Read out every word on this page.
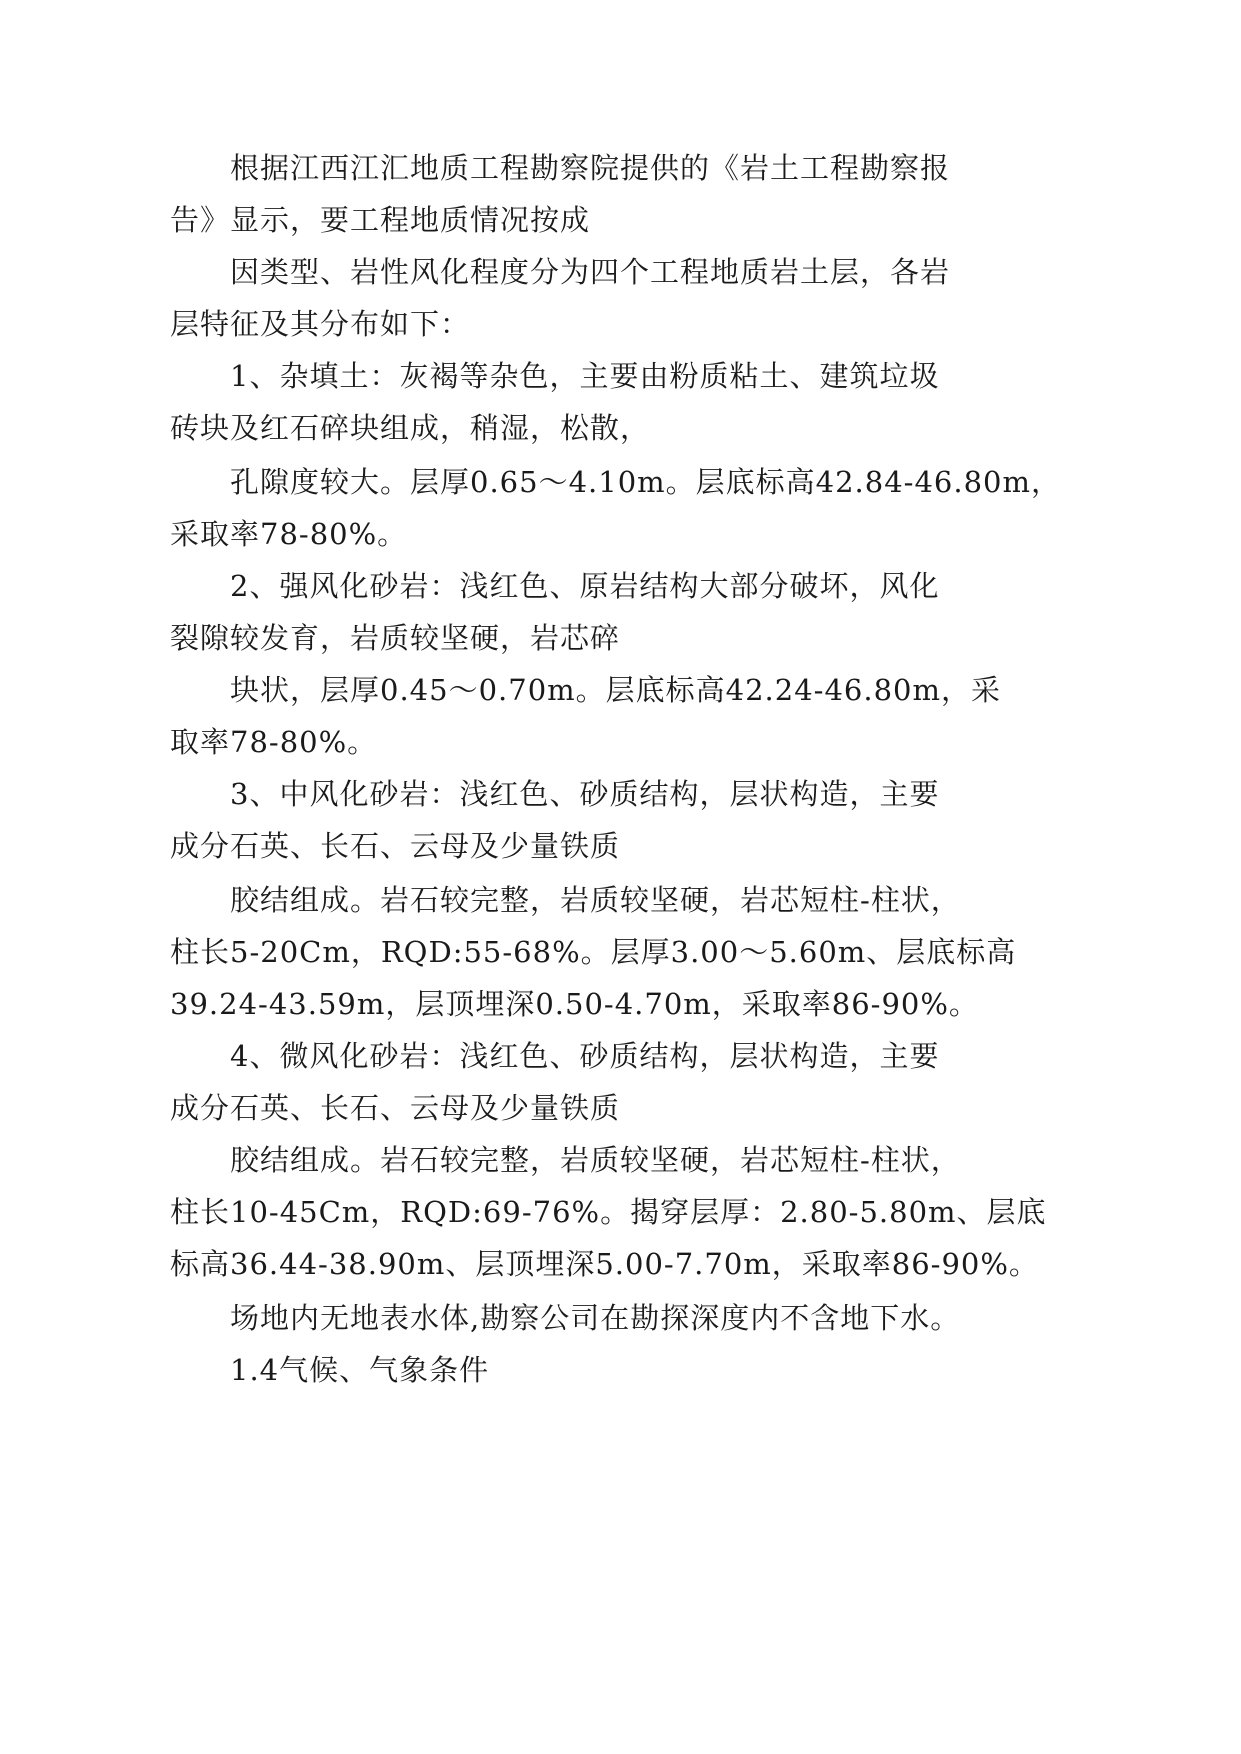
根据江西江汇地质工程勘察院提供的《岩土工程勘察报
告》显示，要工程地质情况按成
因类型、岩性风化程度分为四个工程地质岩土层，各岩
层特征及其分布如下：
1、杂填土：灰褐等杂色，主要由粉质粘土、建筑垃圾
砖块及红石碎块组成，稍湿，松散，
孔隙度较大。层厚0.65～4.10m。层底标高42.84-46.80m，
采取率78-80%。
2、强风化砂岩：浅红色、原岩结构大部分破坏，风化
裂隙较发育，岩质较坚硬，岩芯碎
块状，层厚0.45～0.70m。层底标高42.24-46.80m，采
取率78-80%。
3、中风化砂岩：浅红色、砂质结构，层状构造，主要
成分石英、长石、云母及少量铁质
胶结组成。岩石较完整，岩质较坚硬，岩芯短柱-柱状，
柱长5-20Cm，RQD:55-68%。层厚3.00～5.60m、层底标高
39.24-43.59m，层顶埋深0.50-4.70m，采取率86-90%。
4、微风化砂岩：浅红色、砂质结构，层状构造，主要
成分石英、长石、云母及少量铁质
胶结组成。岩石较完整，岩质较坚硬，岩芯短柱-柱状，
柱长10-45Cm，RQD:69-76%。揭穿层厚：2.80-5.80m、层底
标高36.44-38.90m、层顶埋深5.00-7.70m，采取率86-90%。
场地内无地表水体,勘察公司在勘探深度内不含地下水。
1.4气候、气象条件
